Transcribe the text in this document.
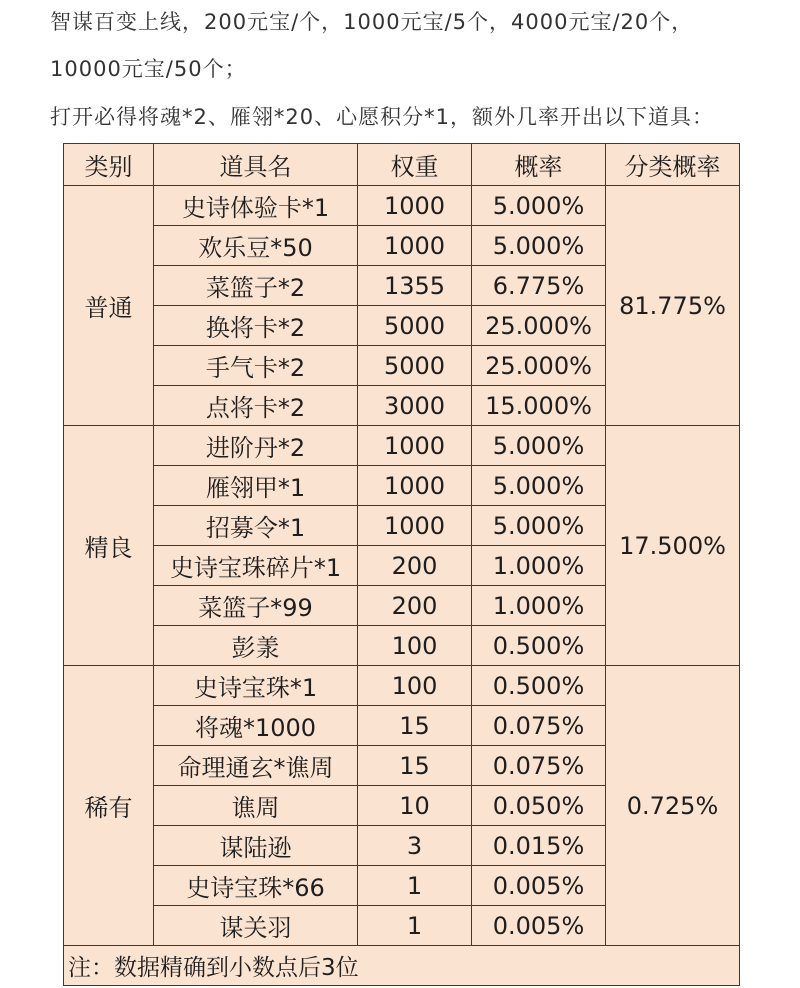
智谋百变上线，200元宝/个，1000元宝/5个，4000元宝/20个，
10000元宝/50个；
打开必得将魂*2、雁翎*20、心愿积分*1，额外几率开出以下道具：
类别	道具名	权重	概率	分类概率
普通	史诗体验卡*1	1000	5.000%	81.775%
	欢乐豆*50	1000	5.000%	
	菜篮子*2	1355	6.775%	
	换将卡*2	5000	25.000%	
	手气卡*2	5000	25.000%	
	点将卡*2	3000	15.000%	
精良	进阶丹*2	1000	5.000%	17.500%
	雁翎甲*1	1000	5.000%	
	招募令*1	1000	5.000%	
	史诗宝珠碎片*1	200	1.000%	
	菜篮子*99	200	1.000%	
	彭羕	100	0.500%	
稀有	史诗宝珠*1	100	0.500%	0.725%
	将魂*1000	15	0.075%	
	命理通玄*谯周	15	0.075%	
	谯周	10	0.050%	
	谋陆逊	3	0.015%	
	史诗宝珠*66	1	0.005%	
	谋关羽	1	0.005%	
注：数据精确到小数点后3位				
